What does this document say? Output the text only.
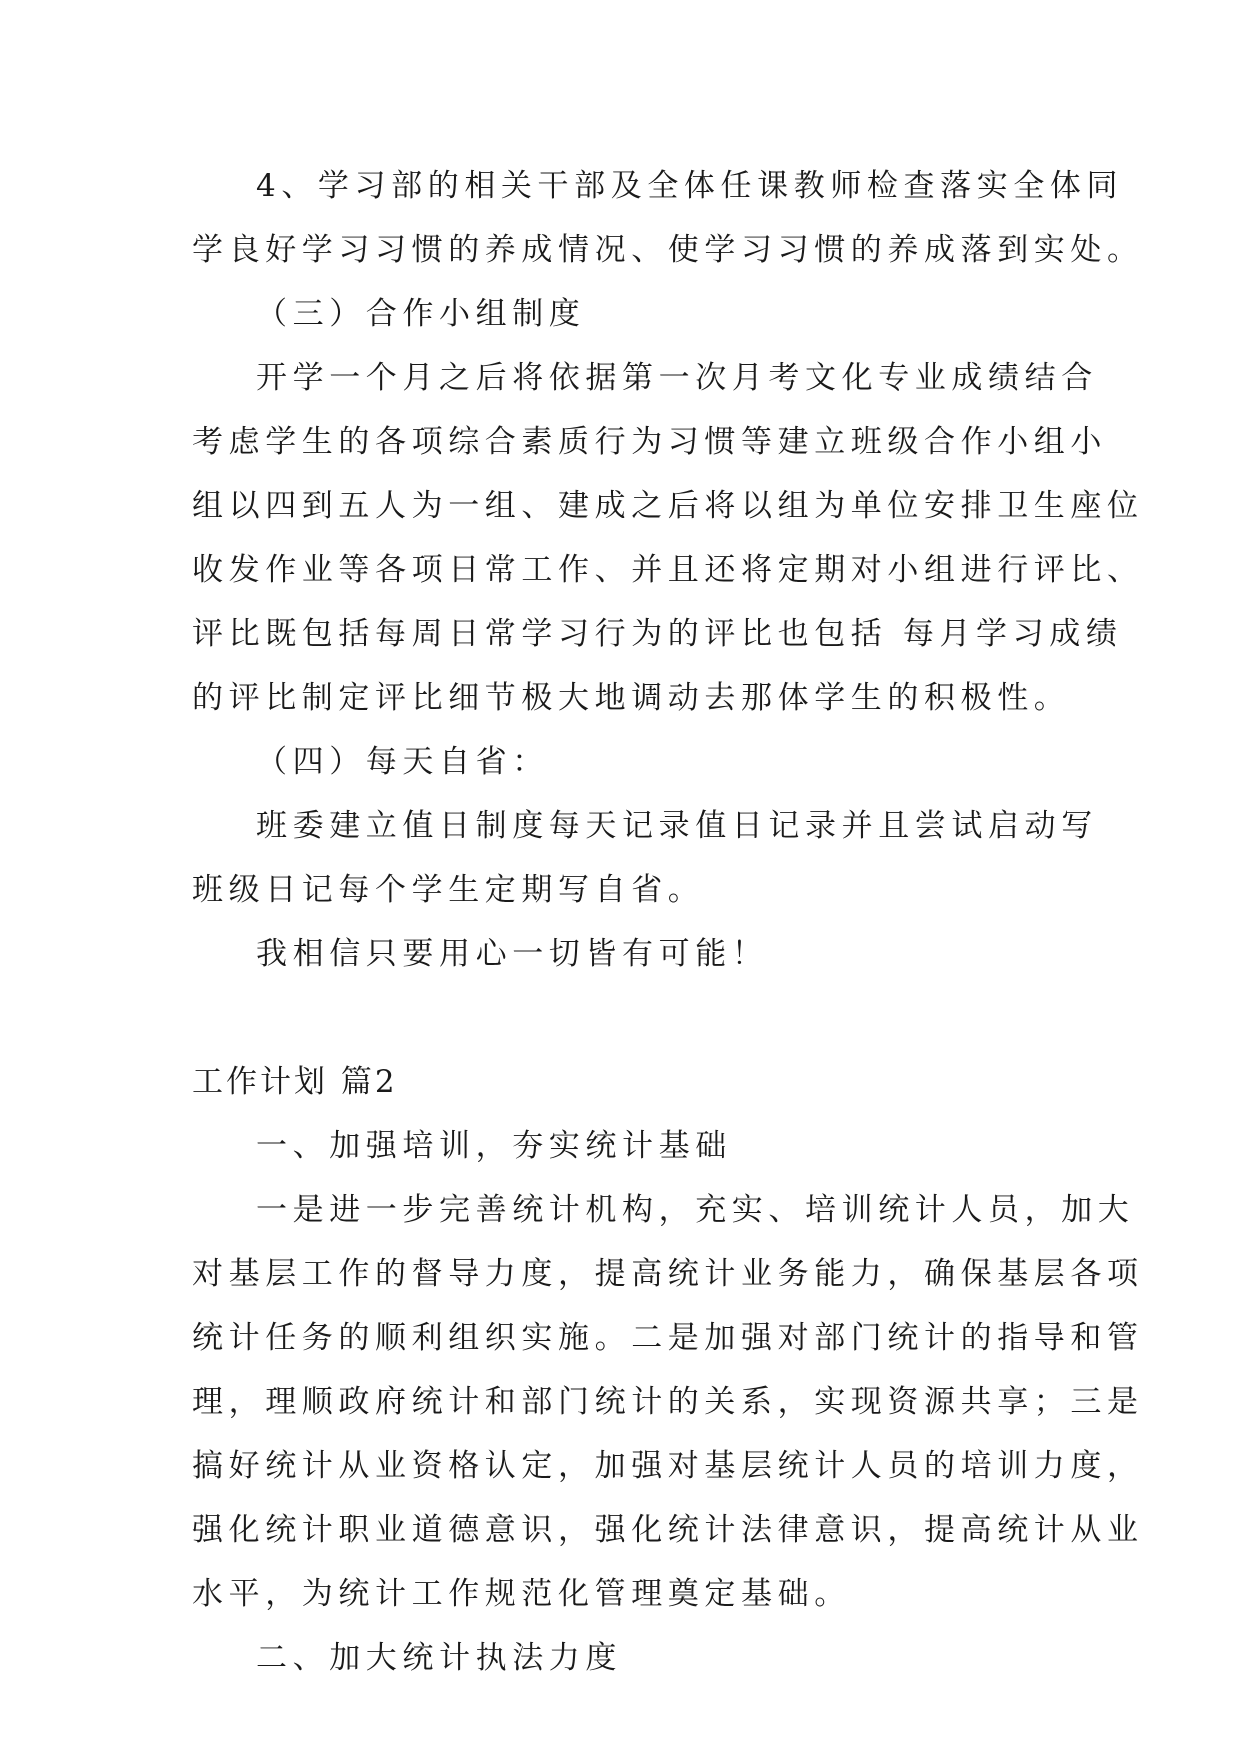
4、学习部的相关干部及全体任课教师检查落实全体同
学良好学习习惯的养成情况、使学习习惯的养成落到实处。
（三）合作小组制度
开学一个月之后将依据第一次月考文化专业成绩结合
考虑学生的各项综合素质行为习惯等建立班级合作小组小
组以四到五人为一组、建成之后将以组为单位安排卫生座位
收发作业等各项日常工作、并且还将定期对小组进行评比、
评比既包括每周日常学习行为的评比也包括 每月学习成绩
的评比制定评比细节极大地调动去那体学生的积极性。
（四）每天自省：
班委建立值日制度每天记录值日记录并且尝试启动写
班级日记每个学生定期写自省。
我相信只要用心一切皆有可能！
工作计划 篇2
一、加强培训，夯实统计基础
一是进一步完善统计机构，充实、培训统计人员，加大
对基层工作的督导力度，提高统计业务能力，确保基层各项
统计任务的顺利组织实施。二是加强对部门统计的指导和管
理，理顺政府统计和部门统计的关系，实现资源共享；三是
搞好统计从业资格认定，加强对基层统计人员的培训力度，
强化统计职业道德意识，强化统计法律意识，提高统计从业
水平，为统计工作规范化管理奠定基础。
二、加大统计执法力度
